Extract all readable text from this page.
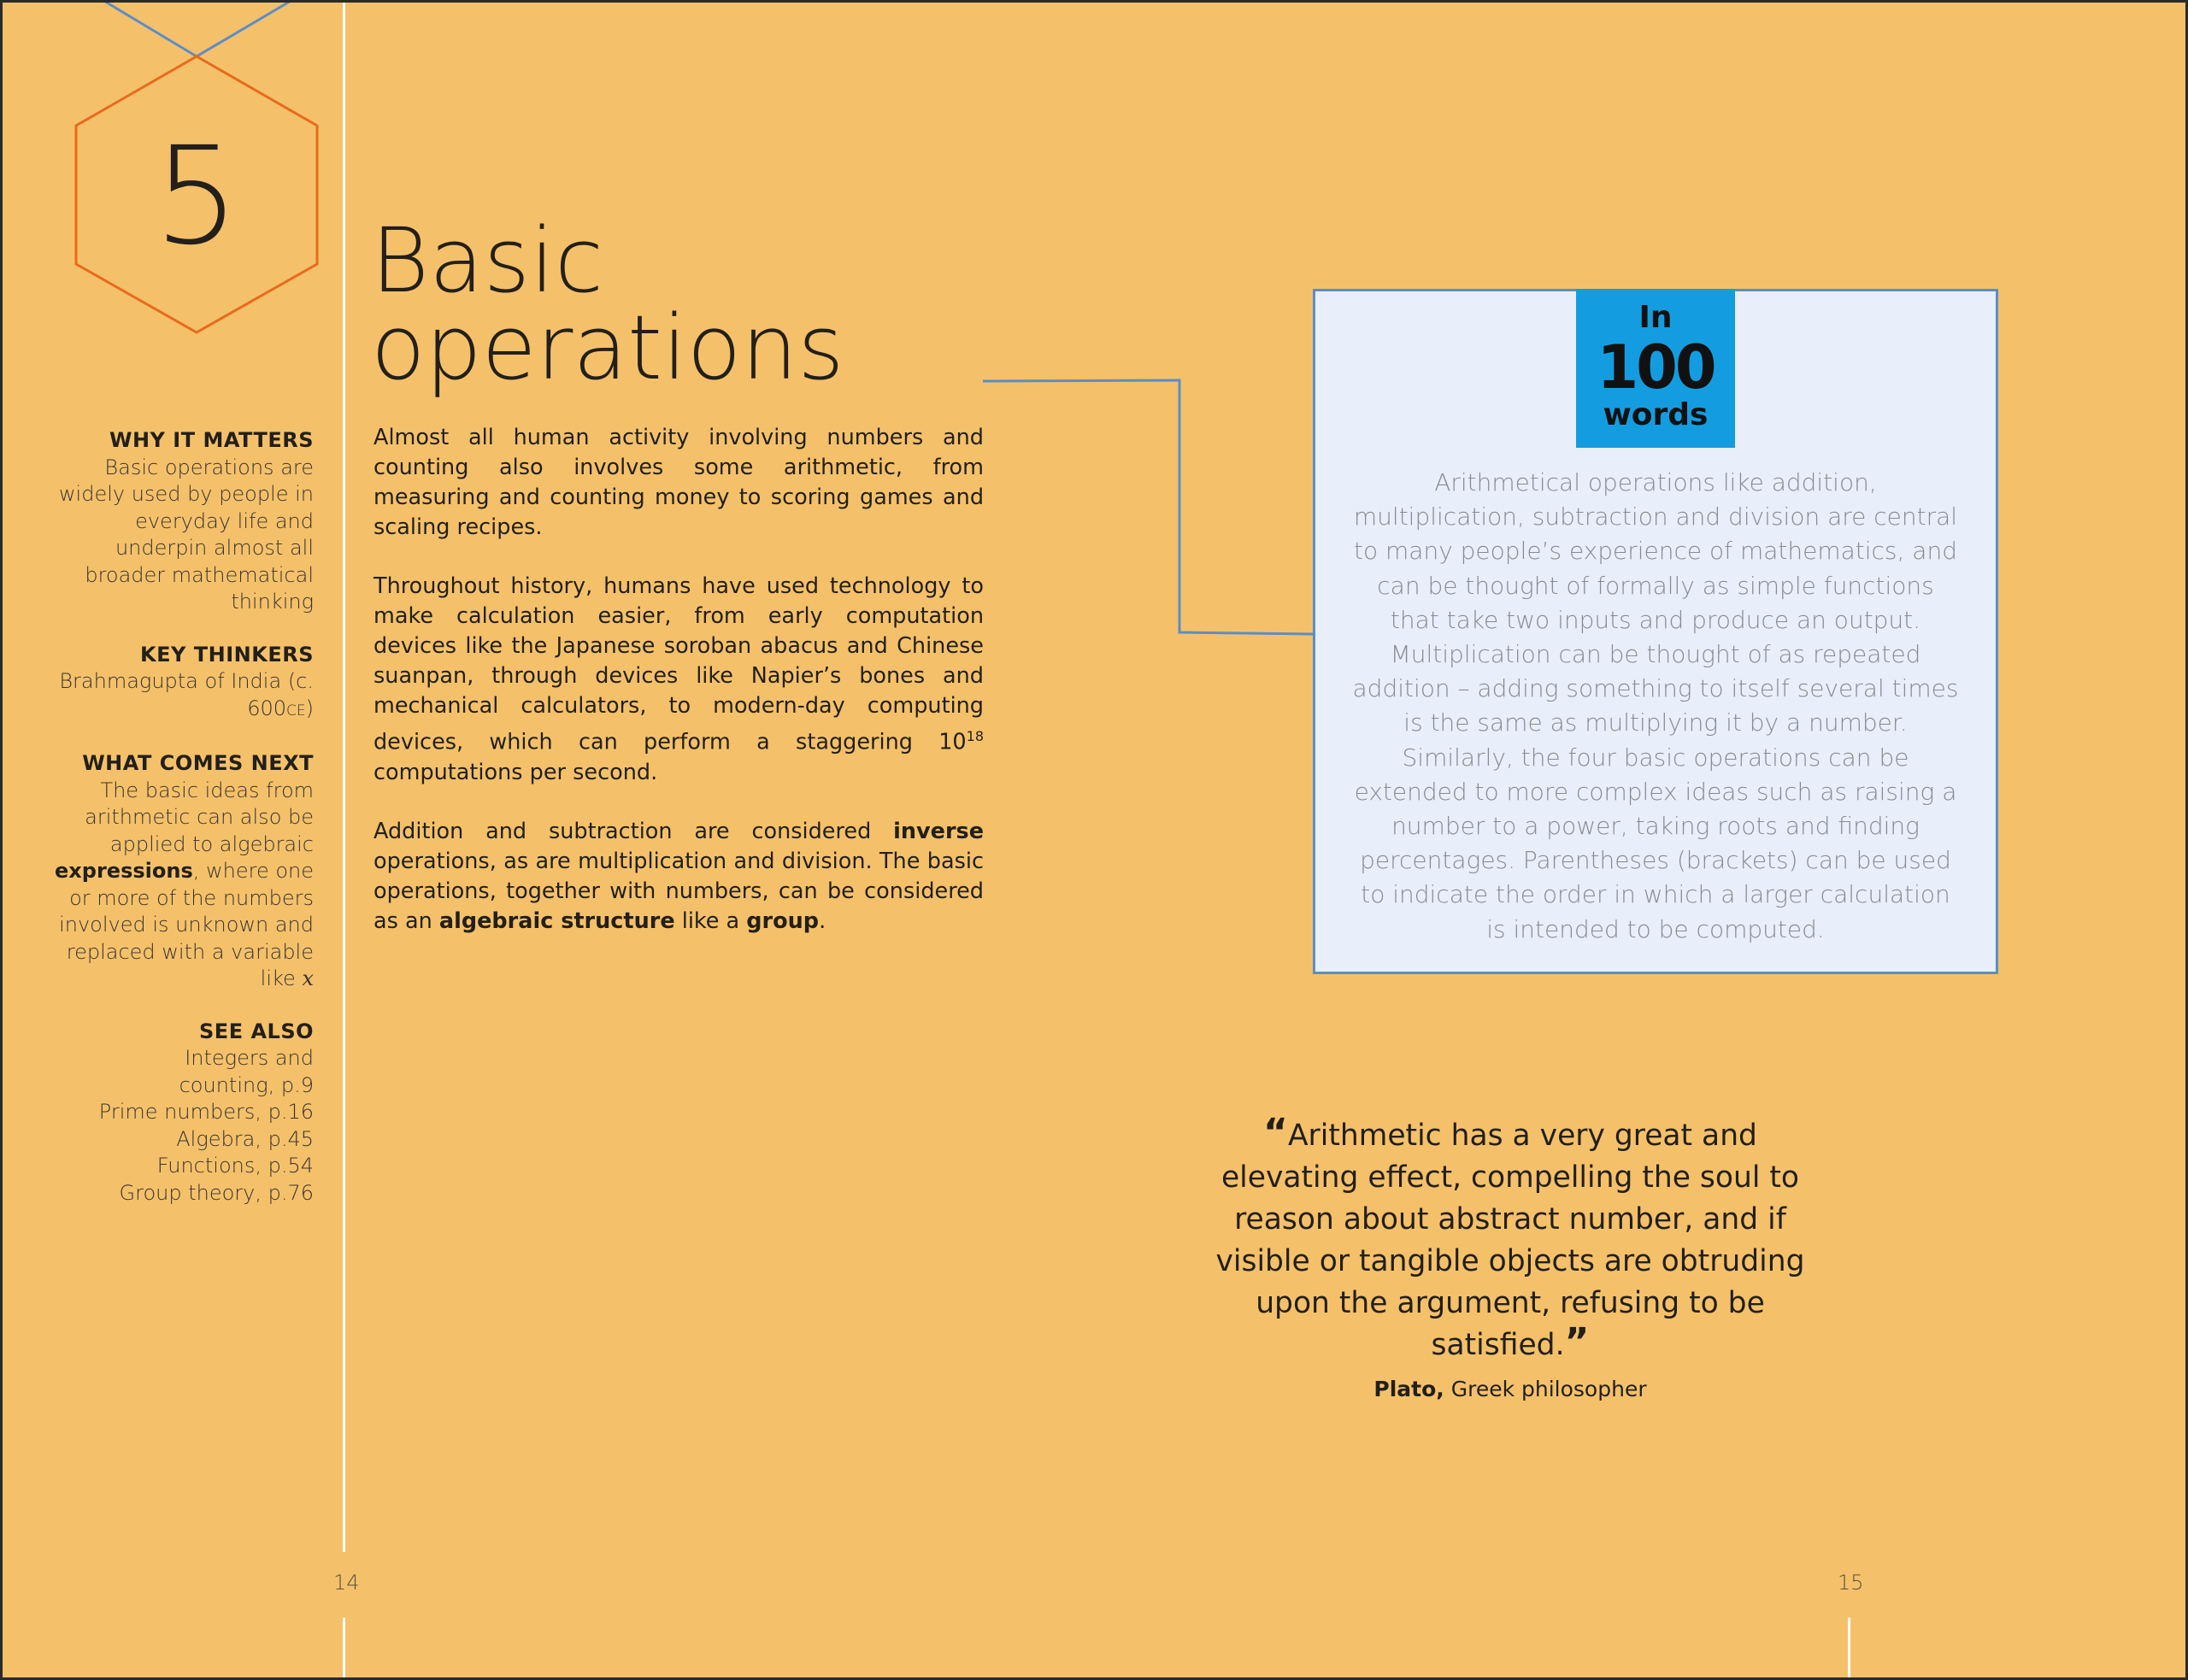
5
WHY IT MATTERS
Basic operations are widely used by people in everyday life and underpin almost all broader mathematical thinking
KEY THINKERS
Brahmagupta of India (c. 600CE)
WHAT COMES NEXT
The basic ideas from arithmetic can also be applied to algebraic expressions, where one or more of the numbers involved is unknown and replaced with a variable like x
SEE ALSO
Integers and
counting, p.9
Prime numbers, p.16
Algebra, p.45
Functions, p.54
Group theory, p.76
Basic
operations

Almost all human activity involving numbers and counting also involves some arithmetic, from measuring and counting money to scoring games and scaling recipes.

Throughout history, humans have used technology to make calculation easier, from early computation devices like the Japanese soroban abacus and Chinese suanpan, through devices like Napier’s bones and mechanical calculators, to modern-day computing devices, which can perform a staggering $10^{18}$ computations per second.

Addition and subtraction are considered inverse operations, as are multiplication and division. The basic operations, together with numbers, can be considered as an algebraic structure like a group.

In
100
words
Arithmetical operations like addition, multiplication, subtraction and division are central to many people’s experience of mathematics, and can be thought of formally as simple functions that take two inputs and produce an output. Multiplication can be thought of as repeated addition – adding something to itself several times is the same as multiplying it by a number. Similarly, the four basic operations can be extended to more complex ideas such as raising a number to a power, taking roots and finding percentages. Parentheses (brackets) can be used to indicate the order in which a larger calculation is intended to be computed.
“Arithmetic has a very great and elevating effect, compelling the soul to reason about abstract number, and if visible or tangible objects are obtruding upon the argument, refusing to be satisfied.”
Plato, Greek philosopher
14	15
